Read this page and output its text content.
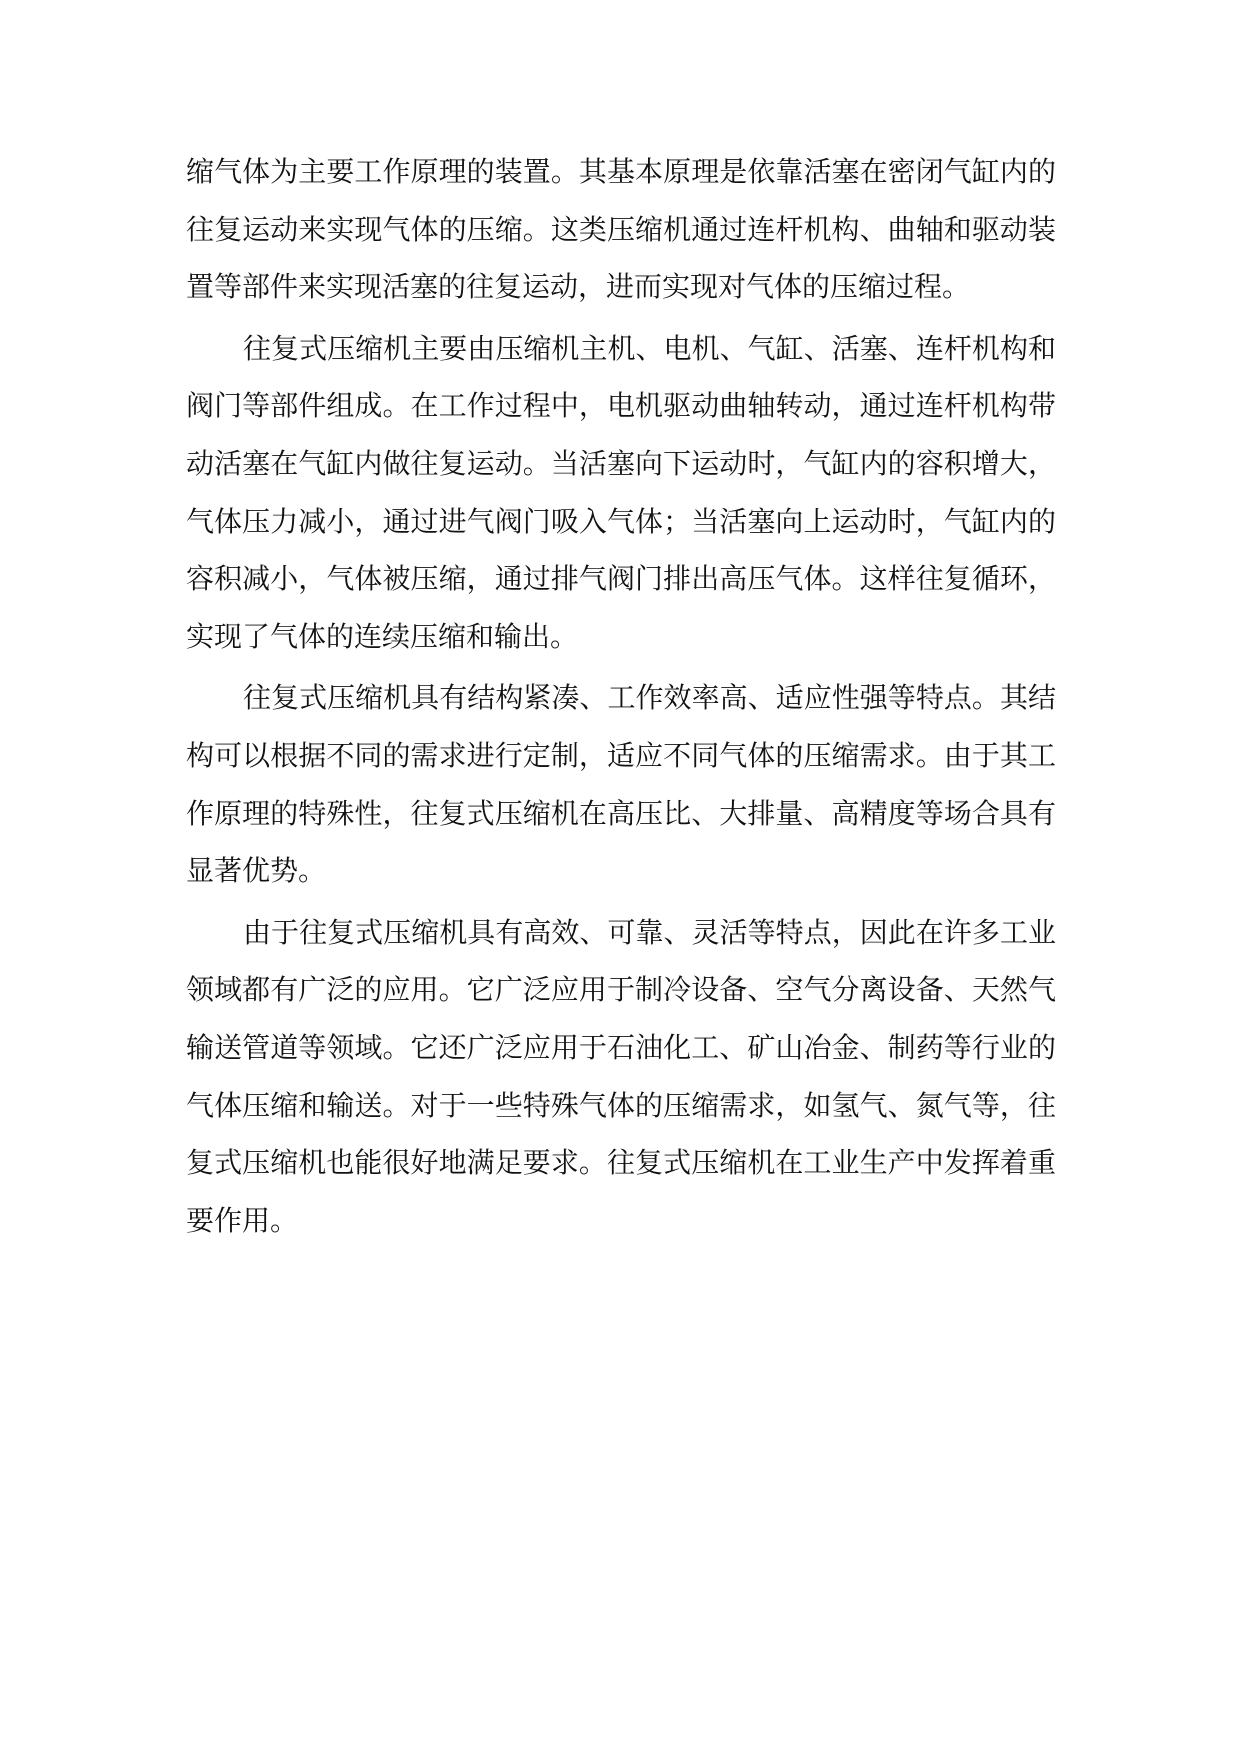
缩气体为主要工作原理的装置。其基本原理是依靠活塞在密闭气缸内的往复运动来实现气体的压缩。这类压缩机通过连杆机构、曲轴和驱动装置等部件来实现活塞的往复运动，进而实现对气体的压缩过程。

往复式压缩机主要由压缩机主机、电机、气缸、活塞、连杆机构和阀门等部件组成。在工作过程中，电机驱动曲轴转动，通过连杆机构带动活塞在气缸内做往复运动。当活塞向下运动时，气缸内的容积增大，气体压力减小，通过进气阀门吸入气体；当活塞向上运动时，气缸内的容积减小，气体被压缩，通过排气阀门排出高压气体。这样往复循环，实现了气体的连续压缩和输出。

往复式压缩机具有结构紧凑、工作效率高、适应性强等特点。其结构可以根据不同的需求进行定制，适应不同气体的压缩需求。由于其工作原理的特殊性，往复式压缩机在高压比、大排量、高精度等场合具有显著优势。

由于往复式压缩机具有高效、可靠、灵活等特点，因此在许多工业领域都有广泛的应用。它广泛应用于制冷设备、空气分离设备、天然气输送管道等领域。它还广泛应用于石油化工、矿山冶金、制药等行业的气体压缩和输送。对于一些特殊气体的压缩需求，如氢气、氮气等，往复式压缩机也能很好地满足要求。往复式压缩机在工业生产中发挥着重要作用。
